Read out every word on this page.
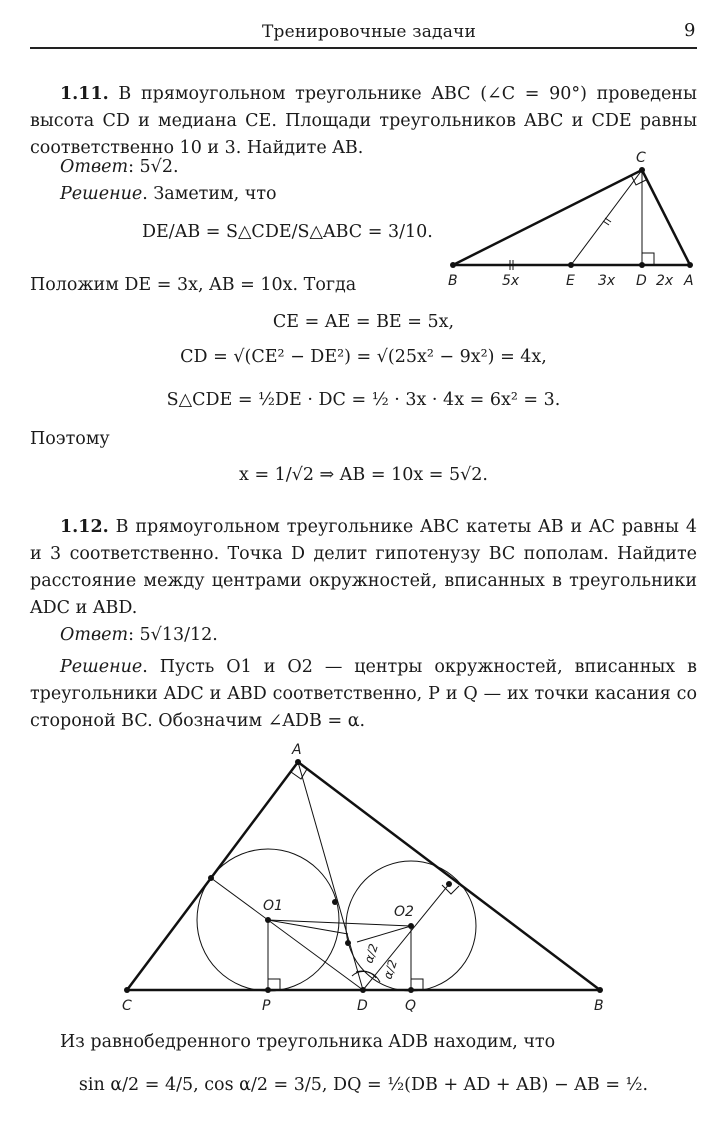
Тренировочные задачи	9
1.11. В прямоугольном треугольнике ABC (∠C = 90°) проведены высота CD и медиана CE. Площади треугольников ABC и CDE равны соответственно 10 и 3. Найдите AB.
Ответ: 5√2.
Решение. Заметим, что
DE/AB = S△CDE/S△ABC = 3/10.
Положим DE = 3x, AB = 10x. Тогда
CE = AE = BE = 5x,
CD = √(CE² − DE²) = √(25x² − 9x²) = 4x,
S△CDE = ½DE · DC = ½ · 3x · 4x = 6x² = 3.
Поэтому
x = 1/√2 ⇒ AB = 10x = 5√2.
C
B	5x	E 3x D 2x A
1.12. В прямоугольном треугольнике ABC катеты AB и AC равны 4 и 3 соответственно. Точка D делит гипотенузу BC пополам. Найдите расстояние между центрами окружностей, вписанных в треугольники ADC и ABD.
Ответ: 5√13/12.
Решение. Пусть O1 и O2 — центры окружностей, вписанных в треугольники ADC и ABD соответственно, P и Q — их точки касания со стороной BC. Обозначим ∠ADB = α.
A
C	P	D	Q	B
O1	O2
α/2
α/2
Из равнобедренного треугольника ADB находим, что
sin α/2 = 4/5, cos α/2 = 3/5, DQ = ½(DB + AD + AB) − AB = ½.
